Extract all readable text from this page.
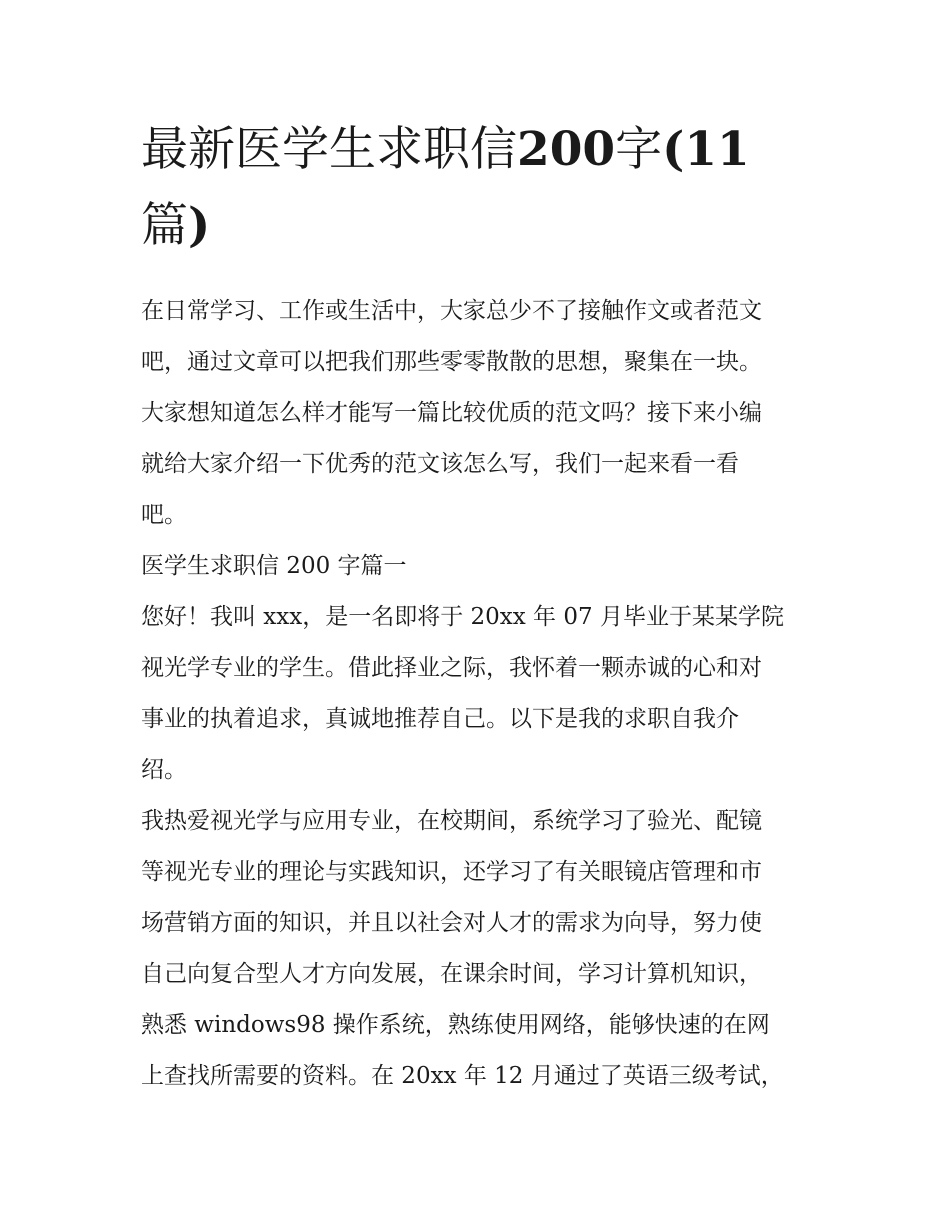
最新医学生求职信200字(11
篇)

在日常学习、工作或生活中，大家总少不了接触作文或者范文
吧，通过文章可以把我们那些零零散散的思想，聚集在一块。
大家想知道怎么样才能写一篇比较优质的范文吗？接下来小编
就给大家介绍一下优秀的范文该怎么写，我们一起来看一看
吧。

医学生求职信 200 字篇一

您好！我叫 xxx，是一名即将于 20xx 年 07 月毕业于某某学院
视光学专业的学生。借此择业之际，我怀着一颗赤诚的心和对
事业的执着追求，真诚地推荐自己。以下是我的求职自我介
绍。

我热爱视光学与应用专业，在校期间，系统学习了验光、配镜
等视光专业的理论与实践知识，还学习了有关眼镜店管理和市
场营销方面的知识，并且以社会对人才的需求为向导，努力使
自己向复合型人才方向发展，在课余时间，学习计算机知识，
熟悉 windows98 操作系统，熟练使用网络，能够快速的在网
上查找所需要的资料。在 20xx 年 12 月通过了英语三级考试，
